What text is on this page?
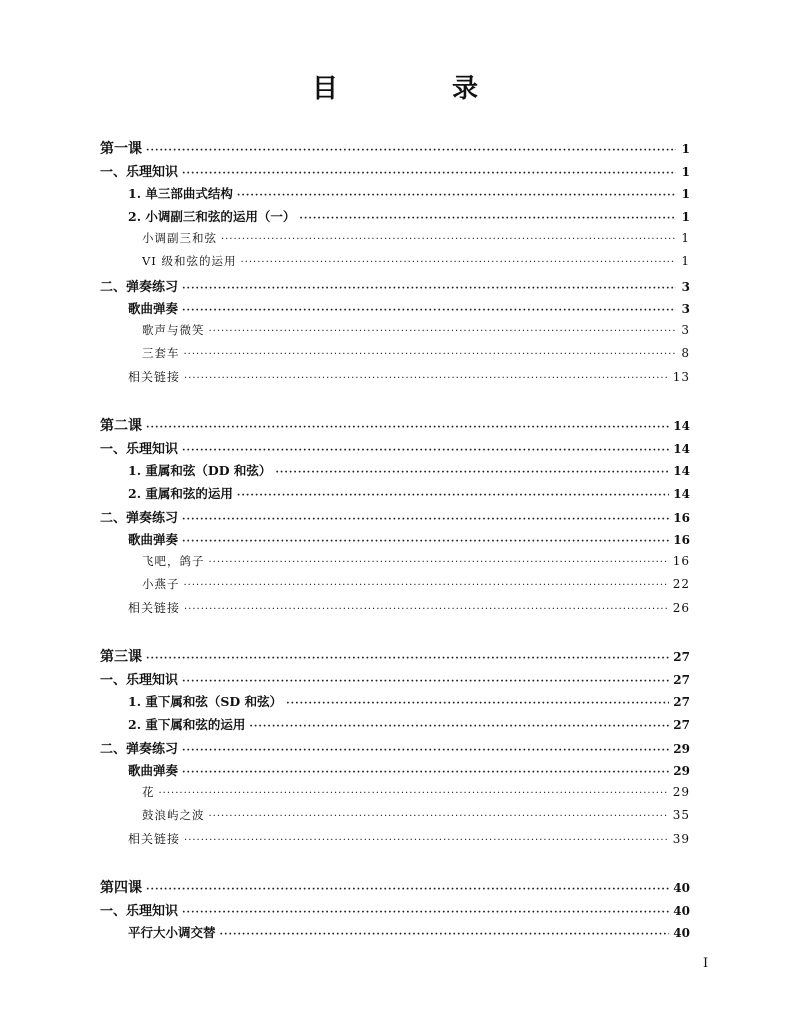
目　录
第一课 ·····	1
一、乐理知识 ·····	1
1. 单三部曲式结构 ·····	1
2. 小调副三和弦的运用（一） ·····	1
小调副三和弦 ·····	1
VI 级和弦的运用 ·····	1
二、弹奏练习 ·····	3
歌曲弹奏 ·····	3
歌声与微笑 ·····	3
三套车 ·····	8
相关链接 ·····	13
第二课 ·····	14
一、乐理知识 ·····	14
1. 重属和弦（DD 和弦） ·····	14
2. 重属和弦的运用 ·····	14
二、弹奏练习 ·····	16
歌曲弹奏 ·····	16
飞吧，鸽子 ·····	16
小燕子 ·····	22
相关链接 ·····	26
第三课 ·····	27
一、乐理知识 ·····	27
1. 重下属和弦（SD 和弦） ·····	27
2. 重下属和弦的运用 ·····	27
二、弹奏练习 ·····	29
歌曲弹奏 ·····	29
花 ·····	29
鼓浪屿之波 ·····	35
相关链接 ·····	39
第四课 ·····	40
一、乐理知识 ·····	40
平行大小调交替 ·····	40
I
